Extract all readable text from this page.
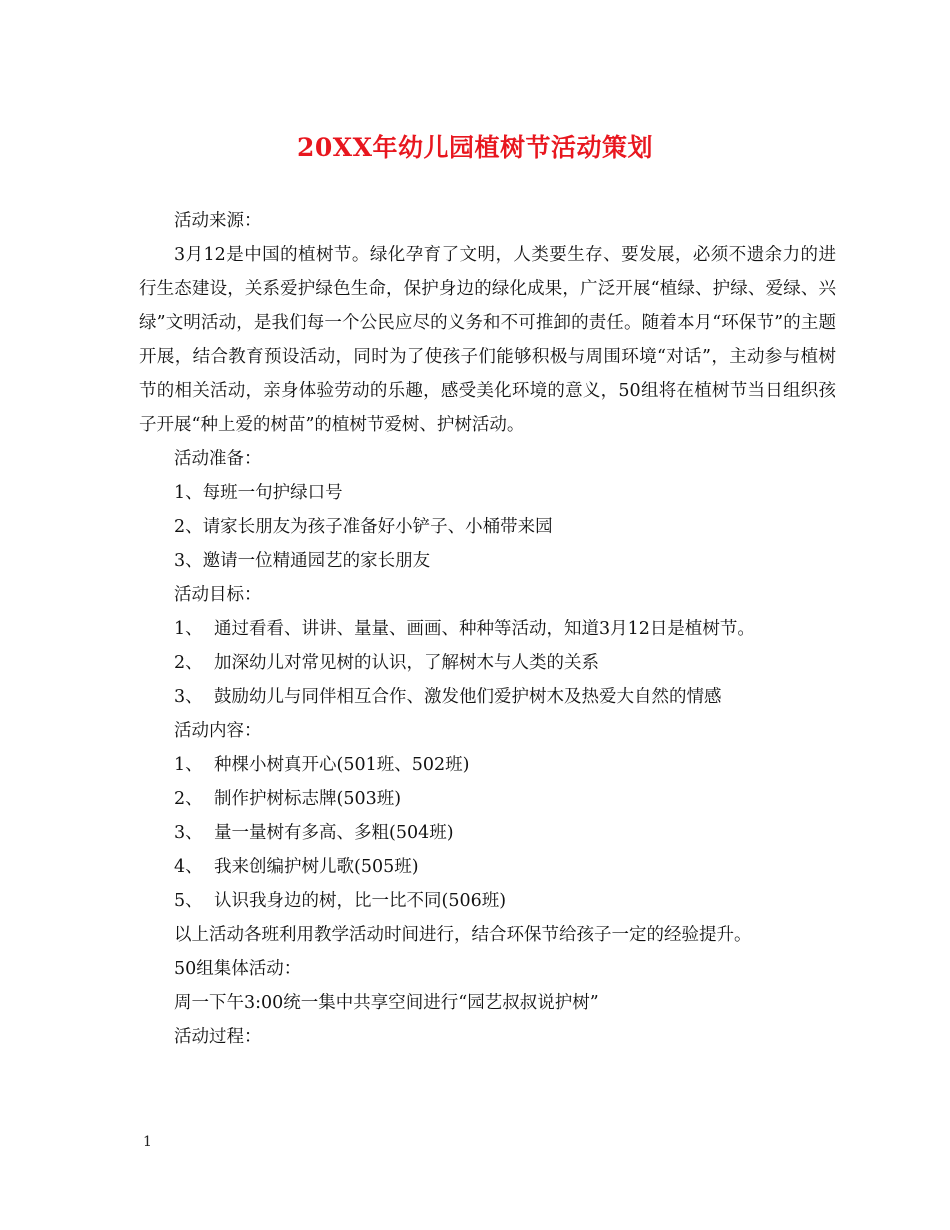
20XX年幼儿园植树节活动策划

活动来源：

3月12是中国的植树节。绿化孕育了文明，人类要生存、要发展，必须不遗余力的进行生态建设，关系爱护绿色生命，保护身边的绿化成果，广泛开展“植绿、护绿、爱绿、兴绿”文明活动，是我们每一个公民应尽的义务和不可推卸的责任。随着本月“环保节”的主题开展，结合教育预设活动，同时为了使孩子们能够积极与周围环境“对话”，主动参与植树节的相关活动，亲身体验劳动的乐趣，感受美化环境的意义，50组将在植树节当日组织孩子开展“种上爱的树苗”的植树节爱树、护树活动。

活动准备：

1、每班一句护绿口号

2、请家长朋友为孩子准备好小铲子、小桶带来园

3、邀请一位精通园艺的家长朋友

活动目标：

1、 通过看看、讲讲、量量、画画、种种等活动，知道3月12日是植树节。

2、 加深幼儿对常见树的认识，了解树木与人类的关系

3、 鼓励幼儿与同伴相互合作、激发他们爱护树木及热爱大自然的情感

活动内容：

1、 种棵小树真开心(501班、502班)

2、 制作护树标志牌(503班)

3、 量一量树有多高、多粗(504班)

4、 我来创编护树儿歌(505班)

5、 认识我身边的树，比一比不同(506班)

以上活动各班利用教学活动时间进行，结合环保节给孩子一定的经验提升。

50组集体活动：

周一下午3:00统一集中共享空间进行“园艺叔叔说护树”

活动过程：

1
